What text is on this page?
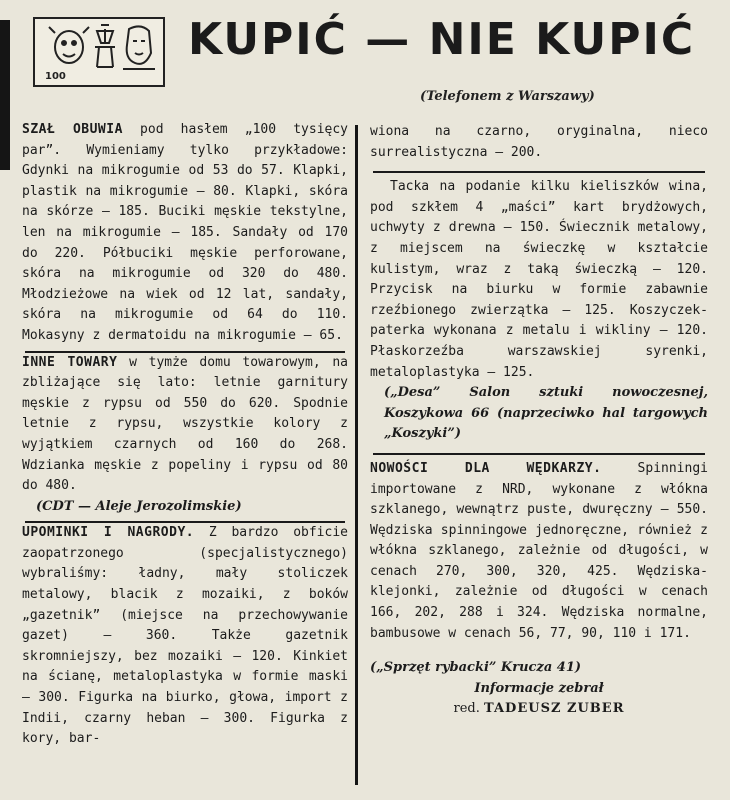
100
KUPIĆ — NIE KUPIĆ
(Telefonem z Warszawy)

SZAŁ OBUWIA pod hasłem „100 tysięcy par”. Wymieniamy tylko przykładowe: Gdynki na mikrogumie od 53 do 57. Klapki, plastik na mikrogumie — 80. Klapki, skóra na skórze — 185. Buciki męskie tekstylne, len na mikrogumie — 185. Sandały od 170 do 220. Półbuciki męskie perforowane, skóra na mikrogumie od 320 do 480. Młodzieżowe na wiek od 12 lat, sandały, skóra na mikrogumie od 64 do 110. Mokasyny z dermatoidu na mikrogumie — 65.

INNE TOWARY w tymże domu towarowym, na zbliżające się lato: letnie garnitury męskie z rypsu od 550 do 620. Spodnie letnie z rypsu, wszystkie kolory z wyjątkiem czarnych od 160 do 268. Wdzianka męskie z popeliny i rypsu od 80 do 480.

(CDT — Aleje Jerozolimskie)

UPOMINKI I NAGRODY. Z bardzo obficie zaopatrzonego (specjalistycznego) wybraliśmy: ładny, mały stoliczek metalowy, blacik z mozaiki, z boków „gazetnik” (miejsce na przechowywanie gazet) — 360. Także gazetnik skromniejszy, bez mozaiki — 120. Kinkiet na ścianę, metaloplastyka w formie maski — 300. Figurka na biurko, głowa, import z Indii, czarny heban — 300. Figurka z kory, bar-

wiona na czarno, oryginalna, nieco surrealistyczna — 200.

Tacka na podanie kilku kieliszków wina, pod szkłem 4 „maści” kart brydżowych, uchwyty z drewna — 150. Świecznik metalowy, z miejscem na świeczkę w kształcie kulistym, wraz z taką świeczką — 120. Przycisk na biurku w formie zabawnie rzeźbionego zwierzątka — 125. Koszyczek-paterka wykonana z metalu i wikliny — 120. Płaskorzeźba warszawskiej syrenki, metaloplastyka — 125.

(„Desa” Salon sztuki nowoczesnej, Koszykowa 66 (naprzeciwko hal targowych „Koszyki”)

NOWOŚCI DLA WĘDKARZY. Spinningi importowane z NRD, wykonane z włókna szklanego, wewnątrz puste, dwuręczny — 550. Wędziska spinningowe jednoręczne, również z włókna szklanego, zależnie od długości, w cenach 270, 300, 320, 425. Wędziska-klejonki, zależnie od długości w cenach 166, 202, 288 i 324. Wędziska normalne, bambusowe w cenach 56, 77, 90, 110 i 171.

(„Sprzęt rybacki” Krucza 41)

Informacje zebrał
red. TADEUSZ ZUBER
